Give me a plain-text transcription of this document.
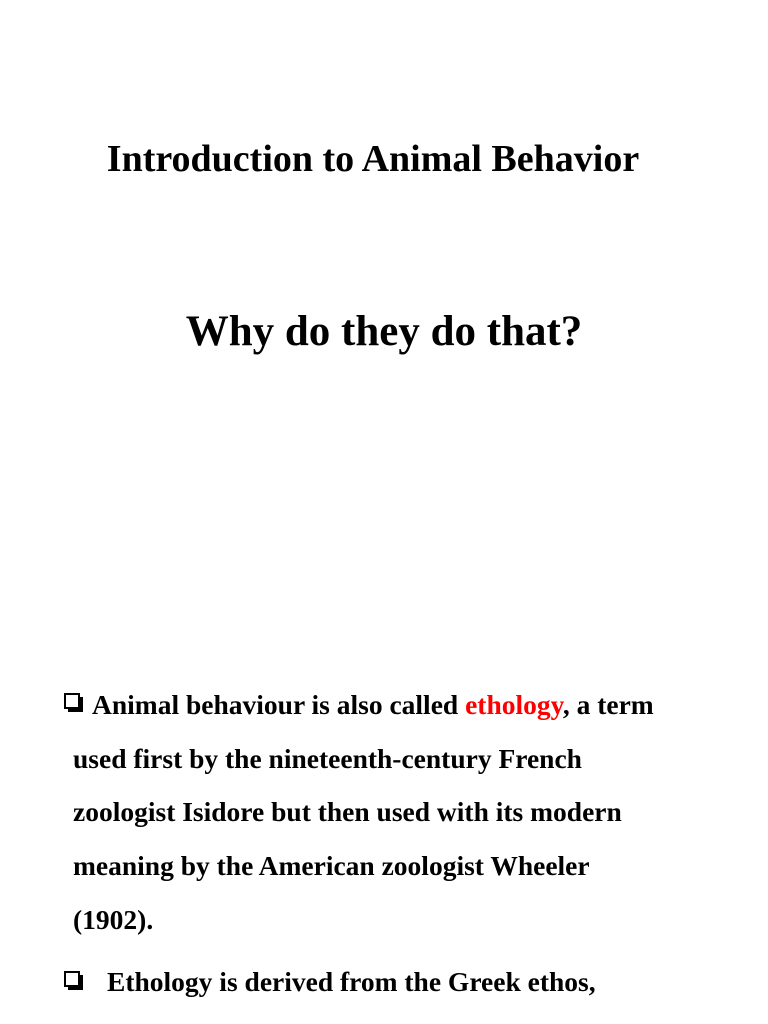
Introduction to Animal Behavior
Why do they do that?
Animal behaviour is also called ethology, a term
used first by the nineteenth-century French
zoologist Isidore but then used with its modern
meaning by the American zoologist Wheeler
(1902).
Ethology is derived from the Greek ethos,
